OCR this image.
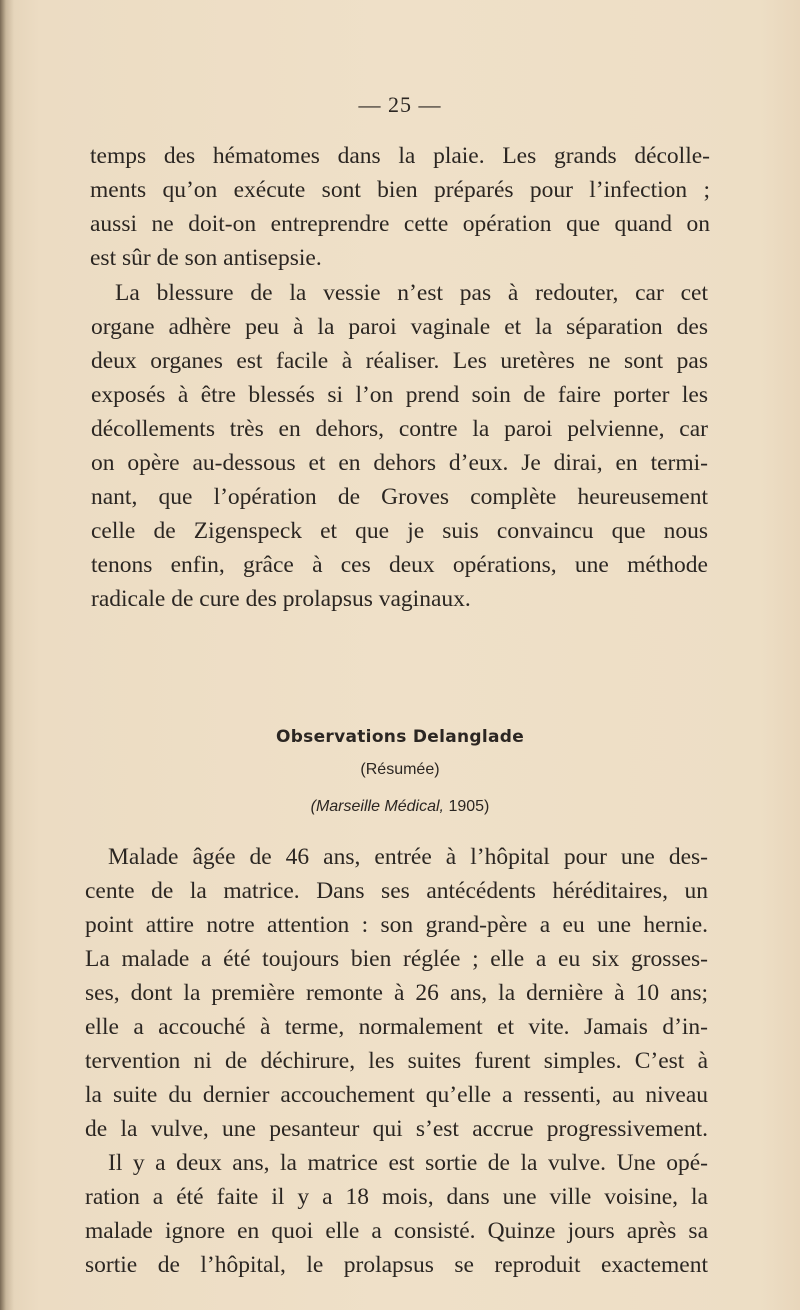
— 25 —
temps des hématomes dans la plaie. Les grands décolle-
ments qu’on exécute sont bien préparés pour l’infection ;
aussi ne doit-on entreprendre cette opération que quand on
est sûr de son antisepsie.
La blessure de la vessie n’est pas à redouter, car cet
organe adhère peu à la paroi vaginale et la séparation des
deux organes est facile à réaliser. Les uretères ne sont pas
exposés à être blessés si l’on prend soin de faire porter les
décollements très en dehors, contre la paroi pelvienne, car
on opère au-dessous et en dehors d’eux. Je dirai, en termi-
nant, que l’opération de Groves complète heureusement
celle de Zigenspeck et que je suis convaincu que nous
tenons enfin, grâce à ces deux opérations, une méthode
radicale de cure des prolapsus vaginaux.
Observations Delanglade
(Résumée)
(Marseille Médical, 1905)
Malade âgée de 46 ans, entrée à l’hôpital pour une des-
cente de la matrice. Dans ses antécédents héréditaires, un
point attire notre attention : son grand-père a eu une hernie.
La malade a été toujours bien réglée ; elle a eu six grosses-
ses, dont la première remonte à 26 ans, la dernière à 10 ans;
elle a accouché à terme, normalement et vite. Jamais d’in-
tervention ni de déchirure, les suites furent simples. C’est à
la suite du dernier accouchement qu’elle a ressenti, au niveau
de la vulve, une pesanteur qui s’est accrue progressivement.
Il y a deux ans, la matrice est sortie de la vulve. Une opé-
ration a été faite il y a 18 mois, dans une ville voisine, la
malade ignore en quoi elle a consisté. Quinze jours après sa
sortie de l’hôpital, le prolapsus se reproduit exactement
